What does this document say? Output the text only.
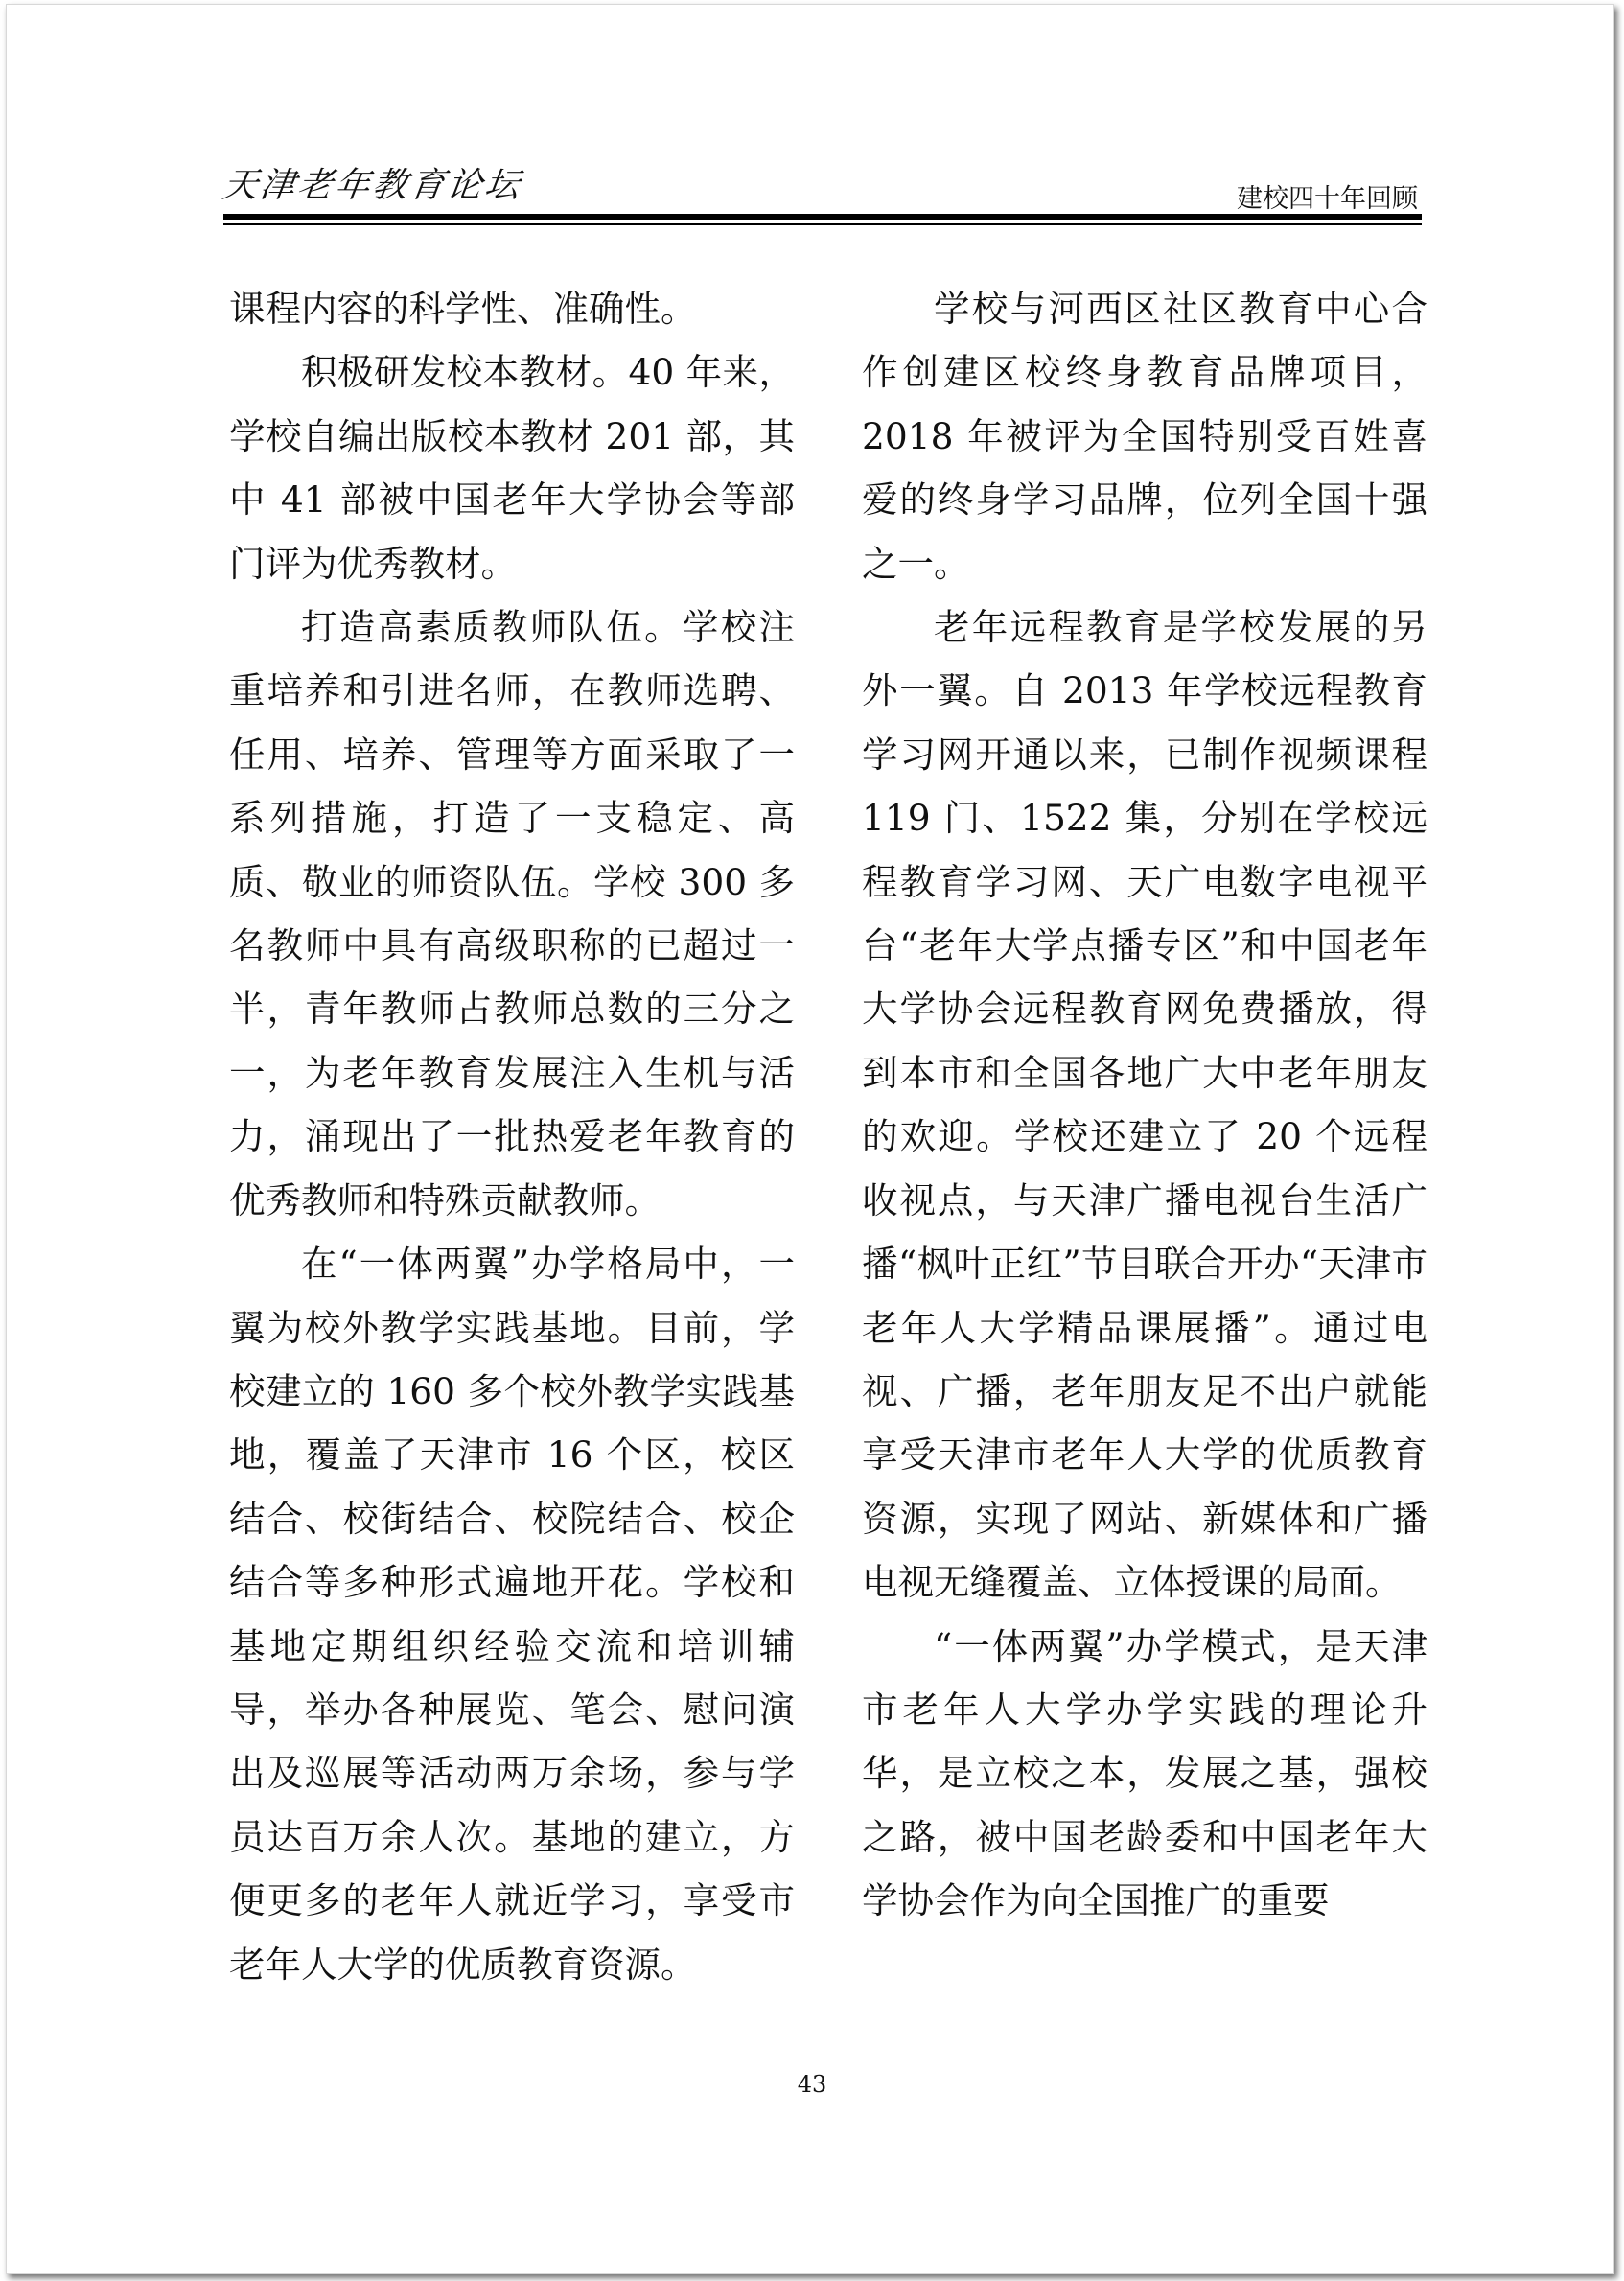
天津老年教育论坛	建校四十年回顾

课程内容的科学性、准确性。

积极研发校本教材。40 年来，学校自编出版校本教材 201 部，其中 41 部被中国老年大学协会等部门评为优秀教材。

打造高素质教师队伍。学校注重培养和引进名师，在教师选聘、任用、培养、管理等方面采取了一系列措施，打造了一支稳定、高质、敬业的师资队伍。学校 300 多名教师中具有高级职称的已超过一半，青年教师占教师总数的三分之一，为老年教育发展注入生机与活力，涌现出了一批热爱老年教育的优秀教师和特殊贡献教师。

在“一体两翼”办学格局中，一翼为校外教学实践基地。目前，学校建立的 160 多个校外教学实践基地，覆盖了天津市 16 个区，校区结合、校街结合、校院结合、校企结合等多种形式遍地开花。学校和基地定期组织经验交流和培训辅导，举办各种展览、笔会、慰问演出及巡展等活动两万余场，参与学员达百万余人次。基地的建立，方便更多的老年人就近学习，享受市老年人大学的优质教育资源。

学校与河西区社区教育中心合作创建区校终身教育品牌项目，2018 年被评为全国特别受百姓喜爱的终身学习品牌，位列全国十强之一。

老年远程教育是学校发展的另外一翼。自 2013 年学校远程教育学习网开通以来，已制作视频课程 119 门、1522 集，分别在学校远程教育学习网、天广电数字电视平台“老年大学点播专区”和中国老年大学协会远程教育网免费播放，得到本市和全国各地广大中老年朋友的欢迎。学校还建立了 20 个远程收视点，与天津广播电视台生活广播“枫叶正红”节目联合开办“天津市老年人大学精品课展播”。通过电视、广播，老年朋友足不出户就能享受天津市老年人大学的优质教育资源，实现了网站、新媒体和广播电视无缝覆盖、立体授课的局面。

“一体两翼”办学模式，是天津市老年人大学办学实践的理论升华，是立校之本，发展之基，强校之路，被中国老龄委和中国老年大学协会作为向全国推广的重要

43
